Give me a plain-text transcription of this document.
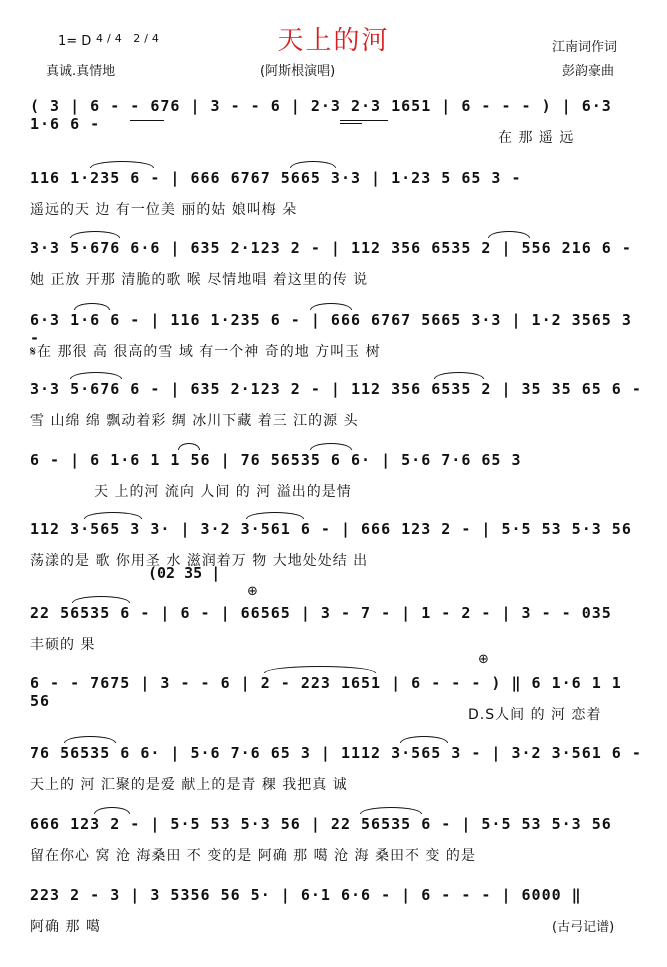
1= D 4/4 2/4	天上的河	江南词作词
真诚.真情地	(阿斯根演唱)	彭韵豪曲
( 3 | 6 - - 676 | 3 - - 6 | 2·3 2·3 1651 | 6 - - - ) | 6·3 1·6 6 -
在 那 遥 远
116 1·235 6 - | 666 6767 5665 3·3 | 1·23 5 65 3 -
遥远的天 边 有一位美 丽的姑 娘叫梅 朵
3·3 5·676 6·6 | 635 2·123 2 - | 112 356 6535 2 | 556 216 6 -
她 正放 开那 清脆的歌 喉 尽情地唱 着这里的传 说
6·3 1·6 6 - | 116 1·235 6 - | 666 6767 5665 3·3 | 1·2 3565 3 -
𝄋在 那很 高 很高的雪 域 有一个神 奇的地 方叫玉 树
3·3 5·676 6 - | 635 2·123 2 - | 112 356 6535 2 | 35 35 65 6 -
雪 山绵 绵 飘动着彩 绸 冰川下藏 着三 江的源 头
6 - | 6 1·6 1 1 56 | 76 56535 6 6· | 5·6 7·6 65 3
天 上的河 流向 人间 的 河 溢出的是情
112 3·565 3 3· | 3·2 3·561 6 - | 666 123 2 - | 5·5 53 5·3 56
荡漾的是 歌 你用圣 水 滋润着万 物 大地处处结 出
(02 35 |
⊕
22 56535 6 - | 6 - | 66565 | 3 - 7 - | 1 - 2 - | 3 - - 035
丰硕的 果
⊕
6 - - 7675 | 3 - - 6 | 2 - 223 1651 | 6 - - - ) ‖ 6 1·6 1 1 56
D.S人间 的 河 恋着
76 56535 6 6· | 5·6 7·6 65 3 | 1112 3·565 3 - | 3·2 3·561 6 -
天上的 河 汇聚的是爱 献上的是青 稞 我把真 诚
666 123 2 - | 5·5 53 5·3 56 | 22 56535 6 - | 5·5 53 5·3 56
留在你心 窝 沧 海桑田 不 变的是 阿确 那 噶 沧 海 桑田不 变 的是
223 2 - 3 | 3 5356 56 5· | 6·1 6·6 - | 6 - - - | 6000 ‖
阿确 那 噶	(古弓记谱)
